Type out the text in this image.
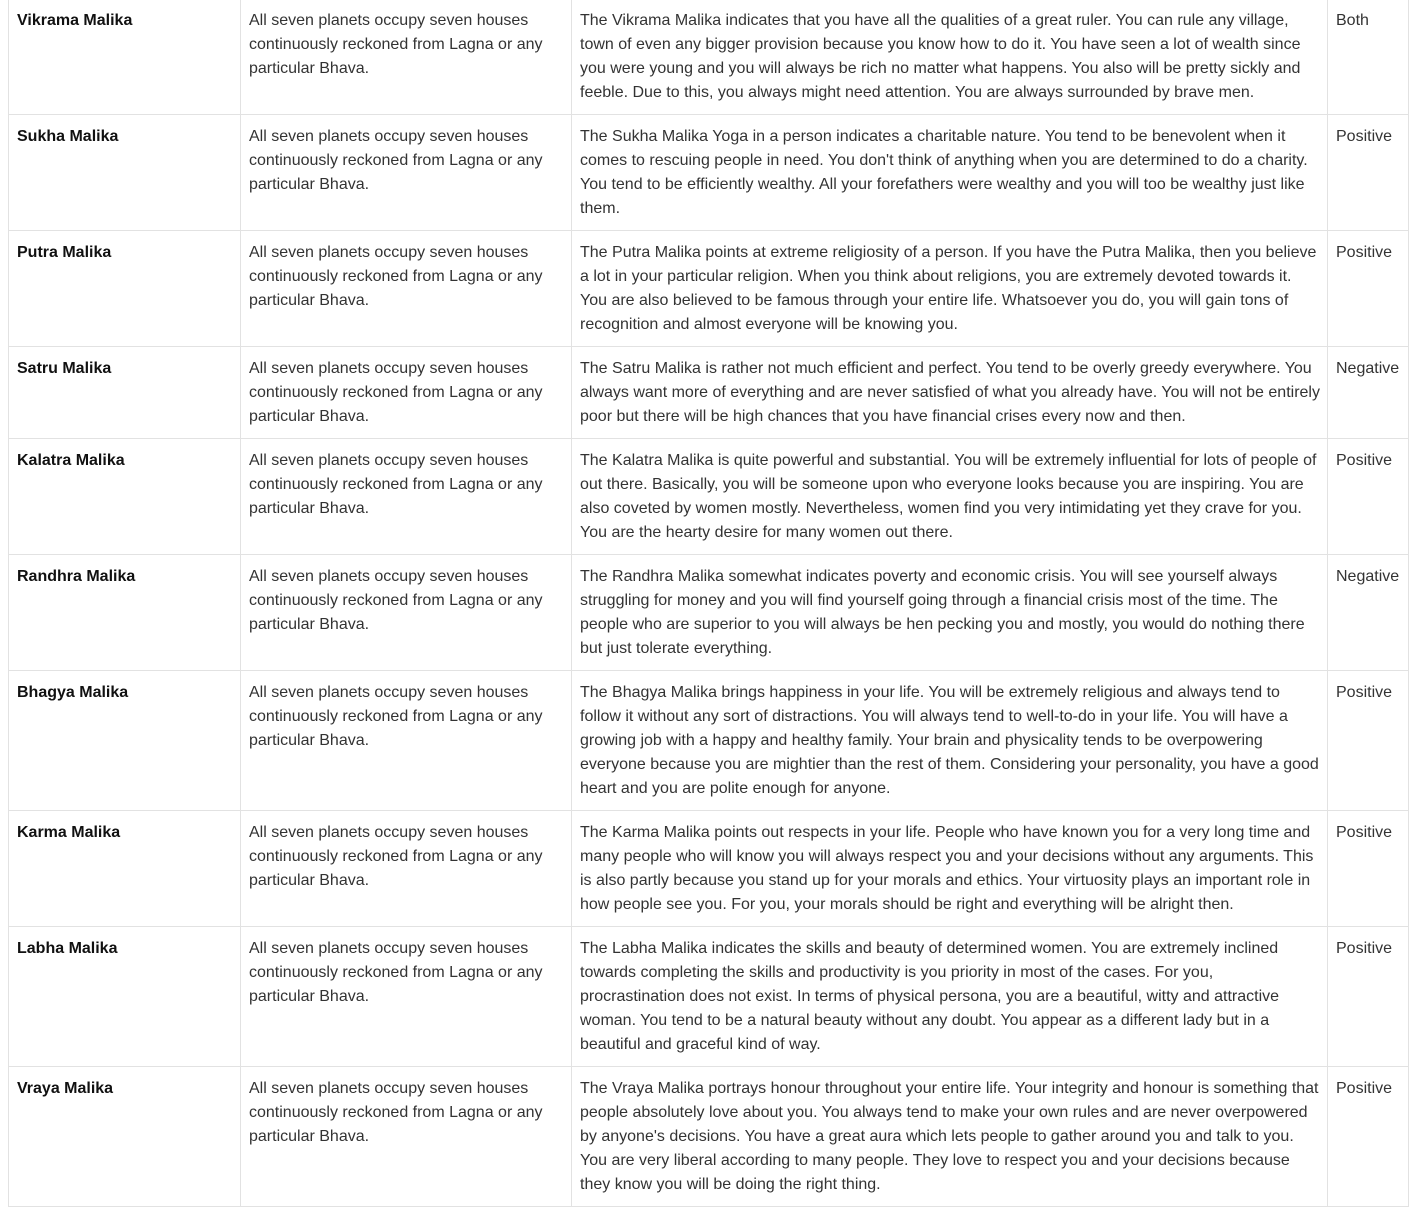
Vikrama Malika	All seven planets occupy seven houses continuously reckoned from Lagna or any particular Bhava.	The Vikrama Malika indicates that you have all the qualities of a great ruler. You can rule any village, town of even any bigger provision because you know how to do it. You have seen a lot of wealth since you were young and you will always be rich no matter what happens. You also will be pretty sickly and feeble. Due to this, you always might need attention. You are always surrounded by brave men.	Both
Sukha Malika	All seven planets occupy seven houses continuously reckoned from Lagna or any particular Bhava.	The Sukha Malika Yoga in a person indicates a charitable nature. You tend to be benevolent when it comes to rescuing people in need. You don't think of anything when you are determined to do a charity. You tend to be efficiently wealthy. All your forefathers were wealthy and you will too be wealthy just like them.	Positive
Putra Malika	All seven planets occupy seven houses continuously reckoned from Lagna or any particular Bhava.	The Putra Malika points at extreme religiosity of a person. If you have the Putra Malika, then you believe a lot in your particular religion. When you think about religions, you are extremely devoted towards it. You are also believed to be famous through your entire life. Whatsoever you do, you will gain tons of recognition and almost everyone will be knowing you.	Positive
Satru Malika	All seven planets occupy seven houses continuously reckoned from Lagna or any particular Bhava.	The Satru Malika is rather not much efficient and perfect. You tend to be overly greedy everywhere. You always want more of everything and are never satisfied of what you already have. You will not be entirely poor but there will be high chances that you have financial crises every now and then.	Negative
Kalatra Malika	All seven planets occupy seven houses continuously reckoned from Lagna or any particular Bhava.	The Kalatra Malika is quite powerful and substantial. You will be extremely influential for lots of people of out there. Basically, you will be someone upon who everyone looks because you are inspiring. You are also coveted by women mostly. Nevertheless, women find you very intimidating yet they crave for you. You are the hearty desire for many women out there.	Positive
Randhra Malika	All seven planets occupy seven houses continuously reckoned from Lagna or any particular Bhava.	The Randhra Malika somewhat indicates poverty and economic crisis. You will see yourself always struggling for money and you will find yourself going through a financial crisis most of the time. The people who are superior to you will always be hen pecking you and mostly, you would do nothing there but just tolerate everything.	Negative
Bhagya Malika	All seven planets occupy seven houses continuously reckoned from Lagna or any particular Bhava.	The Bhagya Malika brings happiness in your life. You will be extremely religious and always tend to follow it without any sort of distractions. You will always tend to well-to-do in your life. You will have a growing job with a happy and healthy family. Your brain and physicality tends to be overpowering everyone because you are mightier than the rest of them. Considering your personality, you have a good heart and you are polite enough for anyone.	Positive
Karma Malika	All seven planets occupy seven houses continuously reckoned from Lagna or any particular Bhava.	The Karma Malika points out respects in your life. People who have known you for a very long time and many people who will know you will always respect you and your decisions without any arguments. This is also partly because you stand up for your morals and ethics. Your virtuosity plays an important role in how people see you. For you, your morals should be right and everything will be alright then.	Positive
Labha Malika	All seven planets occupy seven houses continuously reckoned from Lagna or any particular Bhava.	The Labha Malika indicates the skills and beauty of determined women. You are extremely inclined towards completing the skills and productivity is you priority in most of the cases. For you, procrastination does not exist. In terms of physical persona, you are a beautiful, witty and attractive woman. You tend to be a natural beauty without any doubt. You appear as a different lady but in a beautiful and graceful kind of way.	Positive
Vraya Malika	All seven planets occupy seven houses continuously reckoned from Lagna or any particular Bhava.	The Vraya Malika portrays honour throughout your entire life. Your integrity and honour is something that people absolutely love about you. You always tend to make your own rules and are never overpowered by anyone's decisions. You have a great aura which lets people to gather around you and talk to you. You are very liberal according to many people. They love to respect you and your decisions because they know you will be doing the right thing.	Positive
